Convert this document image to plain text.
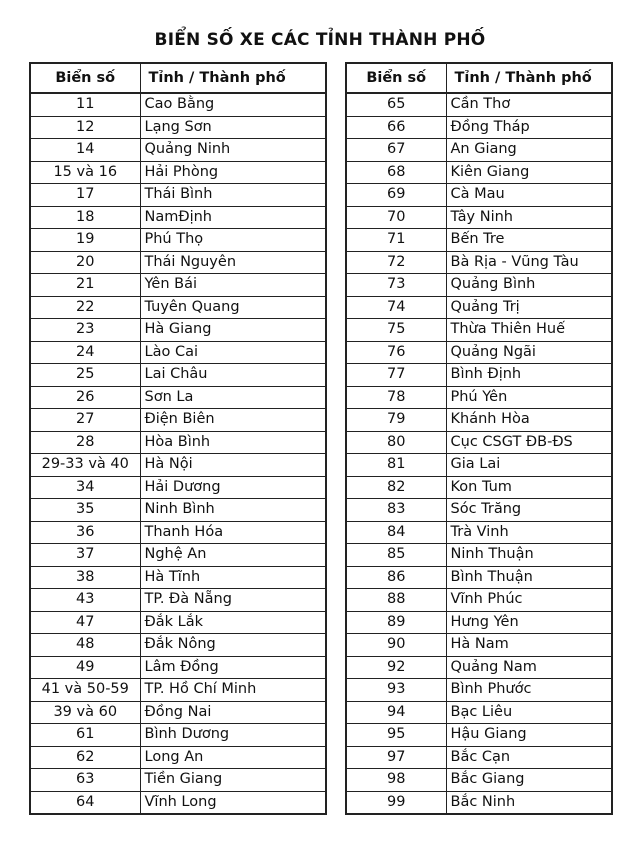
BIỂN SỐ XE CÁC TỈNH THÀNH PHỐ
Biển số	Tỉnh / Thành phố
11	Cao Bằng
12	Lạng Sơn
14	Quảng Ninh
15 và 16	Hải Phòng
17	Thái Bình
18	NamĐịnh
19	Phú Thọ
20	Thái Nguyên
21	Yên Bái
22	Tuyên Quang
23	Hà Giang
24	Lào Cai
25	Lai Châu
26	Sơn La
27	Điện Biên
28	Hòa Bình
29-33 và 40	Hà Nội
34	Hải Dương
35	Ninh Bình
36	Thanh Hóa
37	Nghệ An
38	Hà Tĩnh
43	TP. Đà Nẵng
47	Đắk Lắk
48	Đắk Nông
49	Lâm Đồng
41 và 50-59	TP. Hồ Chí Minh
39 và 60	Đồng Nai
61	Bình Dương
62	Long An
63	Tiền Giang
64	Vĩnh Long
Biển số	Tỉnh / Thành phố
65	Cần Thơ
66	Đồng Tháp
67	An Giang
68	Kiên Giang
69	Cà Mau
70	Tây Ninh
71	Bến Tre
72	Bà Rịa - Vũng Tàu
73	Quảng Bình
74	Quảng Trị
75	Thừa Thiên Huế
76	Quảng Ngãi
77	Bình Định
78	Phú Yên
79	Khánh Hòa
80	Cục CSGT ĐB-ĐS
81	Gia Lai
82	Kon Tum
83	Sóc Trăng
84	Trà Vinh
85	Ninh Thuận
86	Bình Thuận
88	Vĩnh Phúc
89	Hưng Yên
90	Hà Nam
92	Quảng Nam
93	Bình Phước
94	Bạc Liêu
95	Hậu Giang
97	Bắc Cạn
98	Bắc Giang
99	Bắc Ninh
